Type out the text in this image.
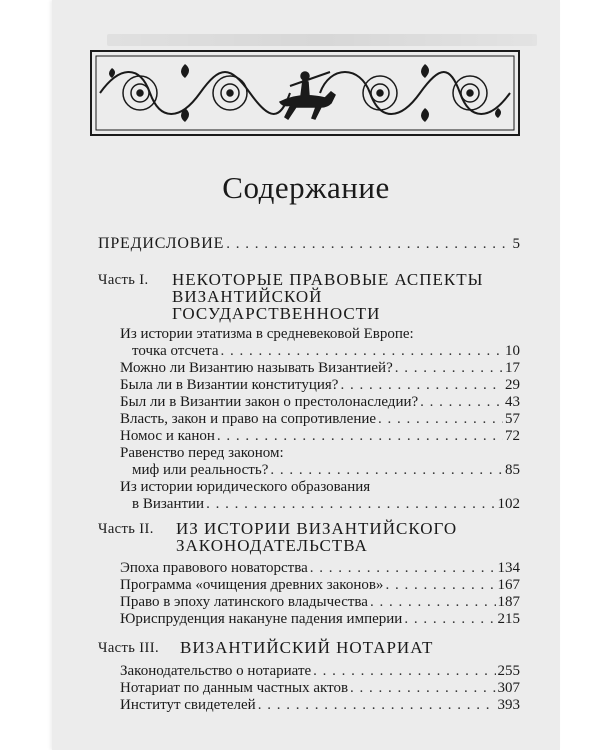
Содержание
ПРЕДИСЛОВИЕ . . .	5
Часть I. НЕКОТОРЫЕ ПРАВОВЫЕ АСПЕКТЫ
ВИЗАНТИЙСКОЙ
ГОСУДАРСТВЕННОСТИ
Из истории этатизма в средневековой Европе:
точка отсчета . . .	10
Можно ли Византию называть Византией? . . .	17
Была ли в Византии конституция? . . .	29
Был ли в Византии закон о престолонаследии? . . .	43
Власть, закон и право на сопротивление . . .	57
Номос и канон . . .	72
Равенство перед законом:
миф или реальность? . . .	85
Из истории юридического образования
в Византии . . .	102
Часть II. ИЗ ИСТОРИИ ВИЗАНТИЙСКОГО
ЗАКОНОДАТЕЛЬСТВА
Эпоха правового новаторства . . .	134
Программа «очищения древних законов» . . .	167
Право в эпоху латинского владычества . . .	187
Юриспруденция накануне падения империи . . .	215
Часть III. ВИЗАНТИЙСКИЙ НОТАРИАТ
Законодательство о нотариате . . .	255
Нотариат по данным частных актов . . .	307
Институт свидетелей . . .	393
